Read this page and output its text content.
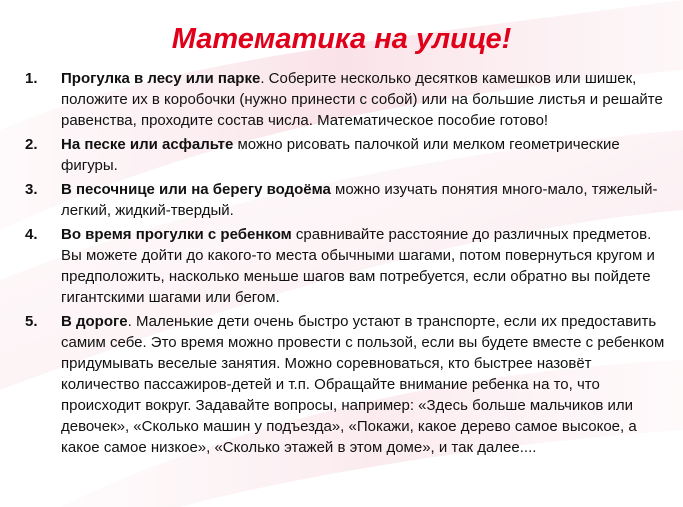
Математика на улице!
1. Прогулка в лесу или парке. Соберите несколько десятков камешков или шишек, положите их в коробочки (нужно принести с собой) или на большие листья и решайте равенства, проходите состав числа. Математическое пособие готово!
2. На песке или асфальте можно рисовать палочкой или мелком геометрические фигуры.
3. В песочнице или на берегу водоёма можно изучать понятия много-мало, тяжелый-легкий, жидкий-твердый.
4. Во время прогулки с ребенком сравнивайте расстояние до различных предметов. Вы можете дойти до какого-то места обычными шагами, потом повернуться кругом и предположить, насколько меньше шагов вам потребуется, если обратно вы пойдете гигантскими шагами или бегом.
5. В дороге. Маленькие дети очень быстро устают в транспорте, если их предоставить самим себе. Это время можно провести с пользой, если вы будете вместе с ребенком придумывать веселые занятия. Можно соревноваться, кто быстрее назовёт количество пассажиров-детей и т.п. Обращайте внимание ребенка на то, что происходит вокруг. Задавайте вопросы, например: «Здесь больше мальчиков или девочек», «Сколько машин у подъезда», «Покажи, какое дерево самое высокое, а какое самое низкое», «Сколько этажей в этом доме», и так далее....
